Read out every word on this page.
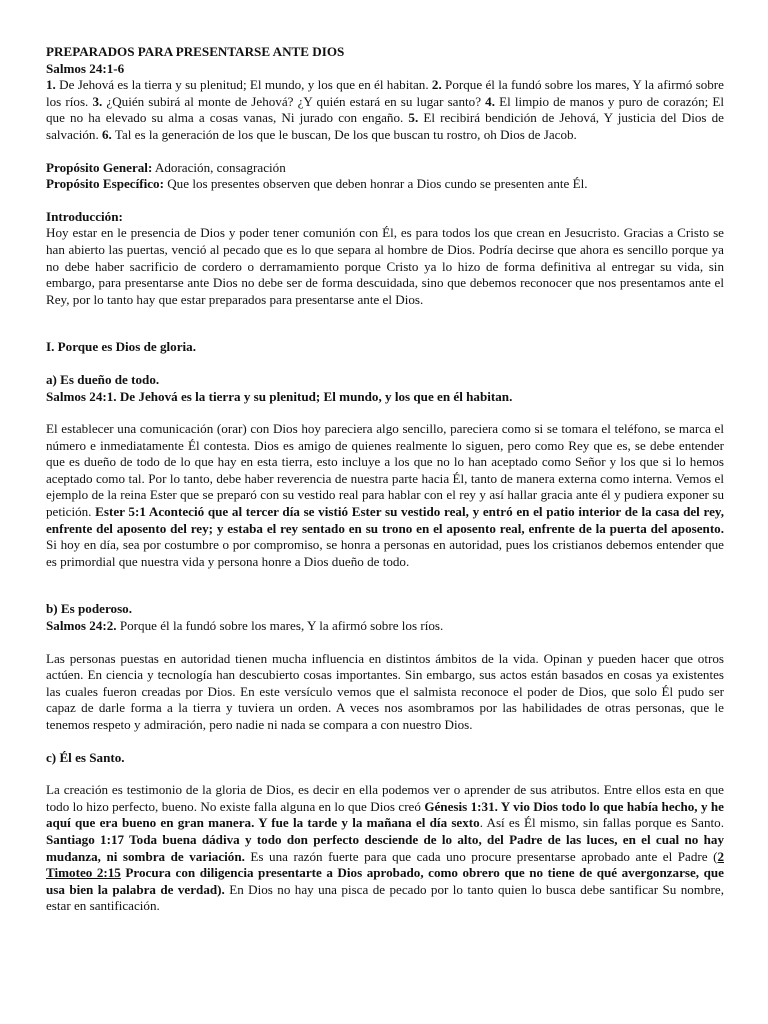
PREPARADOS PARA PRESENTARSE ANTE DIOS

Salmos 24:1-6

1. De Jehová es la tierra y su plenitud; El mundo, y los que en él habitan. 2. Porque él la fundó sobre los mares, Y la afirmó sobre los ríos. 3. ¿Quién subirá al monte de Jehová? ¿Y quién estará en su lugar santo? 4. El limpio de manos y puro de corazón; El que no ha elevado su alma a cosas vanas, Ni jurado con engaño. 5. El recibirá bendición de Jehová, Y justicia del Dios de salvación. 6. Tal es la generación de los que le buscan, De los que buscan tu rostro, oh Dios de Jacob.

Propósito General: Adoración, consagración

Propósito Específico: Que los presentes observen que deben honrar a Dios cundo se presenten ante Él.

Introducción:

Hoy estar en le presencia de Dios y poder tener comunión con Él, es para todos los que crean en Jesucristo. Gracias a Cristo se han abierto las puertas, venció al pecado que es lo que separa al hombre de Dios. Podría decirse que ahora es sencillo porque ya no debe haber sacrificio de cordero o derramamiento porque Cristo ya lo hizo de forma definitiva al entregar su vida, sin embargo, para presentarse ante Dios no debe ser de forma descuidada, sino que debemos reconocer que nos presentamos ante el Rey, por lo tanto hay que estar preparados para presentarse ante el Dios.

I. Porque es Dios de gloria.

a) Es dueño de todo.

Salmos 24:1. De Jehová es la tierra y su plenitud; El mundo, y los que en él habitan.

El establecer una comunicación (orar) con Dios hoy pareciera algo sencillo, pareciera como si se tomara el teléfono, se marca el número e inmediatamente Él contesta. Dios es amigo de quienes realmente lo siguen, pero como Rey que es, se debe entender que es dueño de todo de lo que hay en esta tierra, esto incluye a los que no lo han aceptado como Señor y los que si lo hemos aceptado como tal. Por lo tanto, debe haber reverencia de nuestra parte hacia Él, tanto de manera externa como interna. Vemos el ejemplo de la reina Ester que se preparó con su vestido real para hablar con el rey y así hallar gracia ante él y pudiera exponer su petición. Ester 5:1 Aconteció que al tercer día se vistió Ester su vestido real, y entró en el patio interior de la casa del rey, enfrente del aposento del rey; y estaba el rey sentado en su trono en el aposento real, enfrente de la puerta del aposento. Si hoy en día, sea por costumbre o por compromiso, se honra a personas en autoridad, pues los cristianos debemos entender que es primordial que nuestra vida y persona honre a Dios dueño de todo.

b) Es poderoso.

Salmos 24:2. Porque él la fundó sobre los mares, Y la afirmó sobre los ríos.

Las personas puestas en autoridad tienen mucha influencia en distintos ámbitos de la vida. Opinan y pueden hacer que otros actúen. En ciencia y tecnología han descubierto cosas importantes. Sin embargo, sus actos están basados en cosas ya existentes las cuales fueron creadas por Dios. En este versículo vemos que el salmista reconoce el poder de Dios, que solo Él pudo ser capaz de darle forma a la tierra y tuviera un orden. A veces nos asombramos por las habilidades de otras personas, que le tenemos respeto y admiración, pero nadie ni nada se compara a con nuestro Dios.

c) Él es Santo.

La creación es testimonio de la gloria de Dios, es decir en ella podemos ver o aprender de sus atributos. Entre ellos esta en que todo lo hizo perfecto, bueno. No existe falla alguna en lo que Dios creó Génesis 1:31. Y vio Dios todo lo que había hecho, y he aquí que era bueno en gran manera. Y fue la tarde y la mañana el día sexto. Así es Él mismo, sin fallas porque es Santo. Santiago 1:17 Toda buena dádiva y todo don perfecto desciende de lo alto, del Padre de las luces, en el cual no hay mudanza, ni sombra de variación. Es una razón fuerte para que cada uno procure presentarse aprobado ante el Padre (2 Timoteo 2:15 Procura con diligencia presentarte a Dios aprobado, como obrero que no tiene de qué avergonzarse, que usa bien la palabra de verdad). En Dios no hay una pisca de pecado por lo tanto quien lo busca debe santificar Su nombre, estar en santificación.
